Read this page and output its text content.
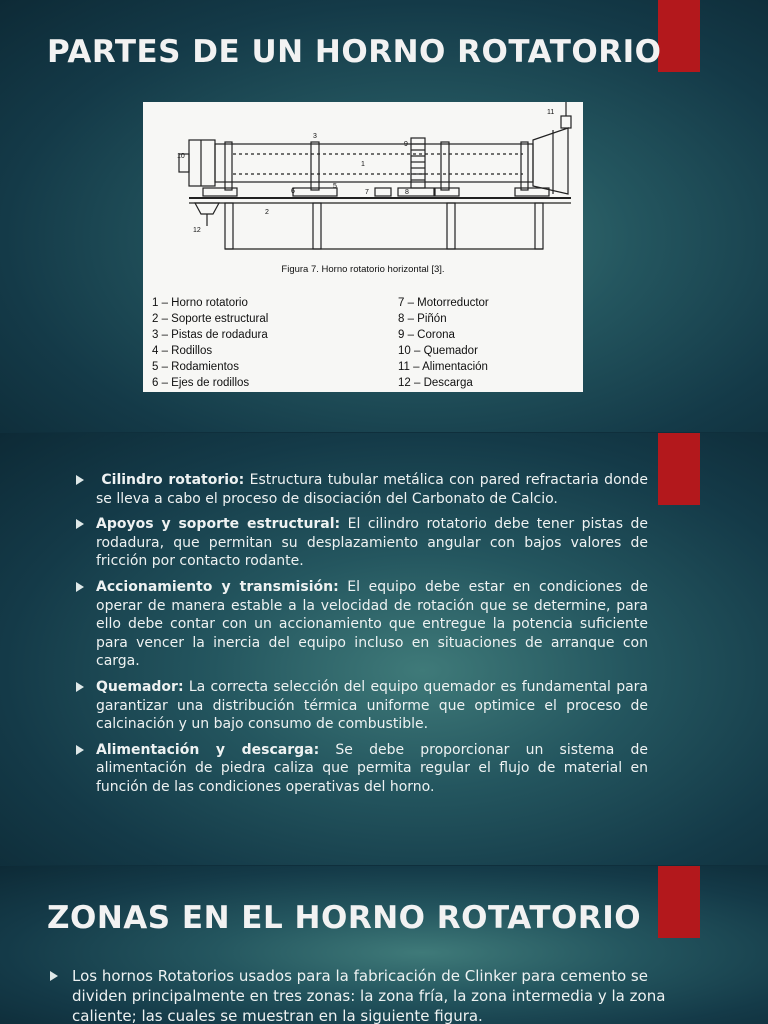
PARTES DE UN HORNO ROTATORIO
1
2
3
5
6	7	8
9
10
11
12
Figura 7. Horno rotatorio horizontal [3].
1 – Horno rotatorio
2 – Soporte estructural
3 – Pistas de rodadura
4 – Rodillos
5 – Rodamientos
6 – Ejes de rodillos
7 – Motorreductor
8 – Piñón
9 – Corona
10 – Quemador
11 – Alimentación
12 – Descarga
Cilindro rotatorio: Estructura tubular metálica con pared refractaria donde se lleva a cabo el proceso de disociación del Carbonato de Calcio.
Apoyos y soporte estructural: El cilindro rotatorio debe tener pistas de rodadura, que permitan su desplazamiento angular con bajos valores de fricción por contacto rodante.
Accionamiento y transmisión: El equipo debe estar en condiciones de operar de manera estable a la velocidad de rotación que se determine, para ello debe contar con un accionamiento que entregue la potencia suficiente para vencer la inercia del equipo incluso en situaciones de arranque con carga.
Quemador: La correcta selección del equipo quemador es fundamental para garantizar una distribución térmica uniforme que optimice el proceso de calcinación y un bajo consumo de combustible.
Alimentación y descarga: Se debe proporcionar un sistema de alimentación de piedra caliza que permita regular el flujo de material en función de las condiciones operativas del horno.
ZONAS EN EL HORNO ROTATORIO
Los hornos Rotatorios usados para la fabricación de Clinker para cemento se dividen principalmente en tres zonas: la zona fría, la zona intermedia y la zona caliente; las cuales se muestran en la siguiente figura.
